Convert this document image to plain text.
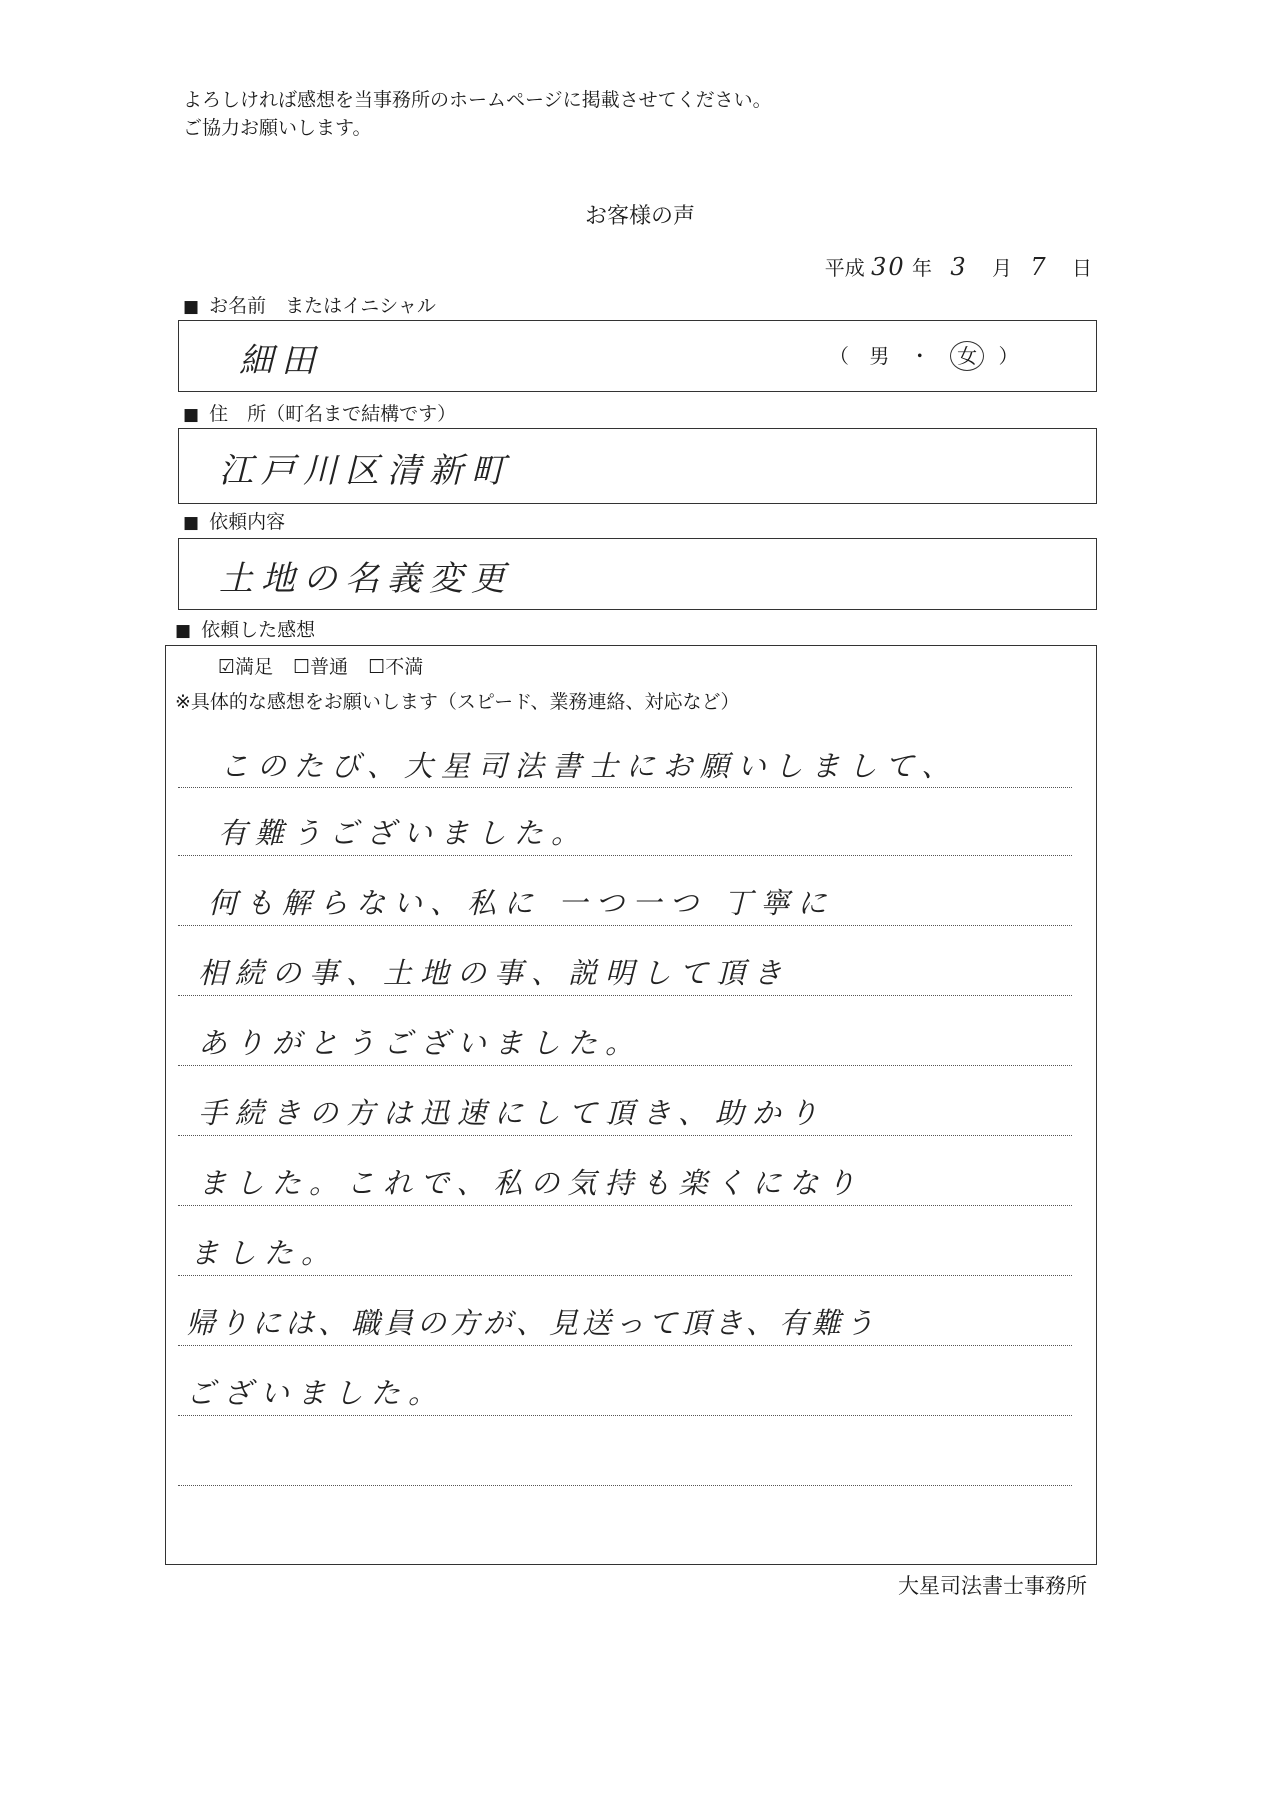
よろしければ感想を当事務所のホームページに掲載させてください。
ご協力お願いします。
お客様の声
平成 30 年 3 月 7 日
■ お名前　またはイニシャル
細田	（ 男 ・ 女 ）
■ 住　所（町名まで結構です）
江戸川区清新町
■ 依頼内容
土地の名義変更
■ 依頼した感想
☑満足 ☐普通 ☐不満
※具体的な感想をお願いします（スピード、業務連絡、対応など）
このたび、大星司法書士にお願いしまして、
有難うございました。
何も解らない、私に 一つ一つ 丁寧に
相続の事、土地の事、説明して頂き
ありがとうございました。
手続きの方は迅速にして頂き、助かり
ました。これで、私の気持も楽くになり
ました。
帰りには、職員の方が、見送って頂き、有難う
ございました。
大星司法書士事務所
